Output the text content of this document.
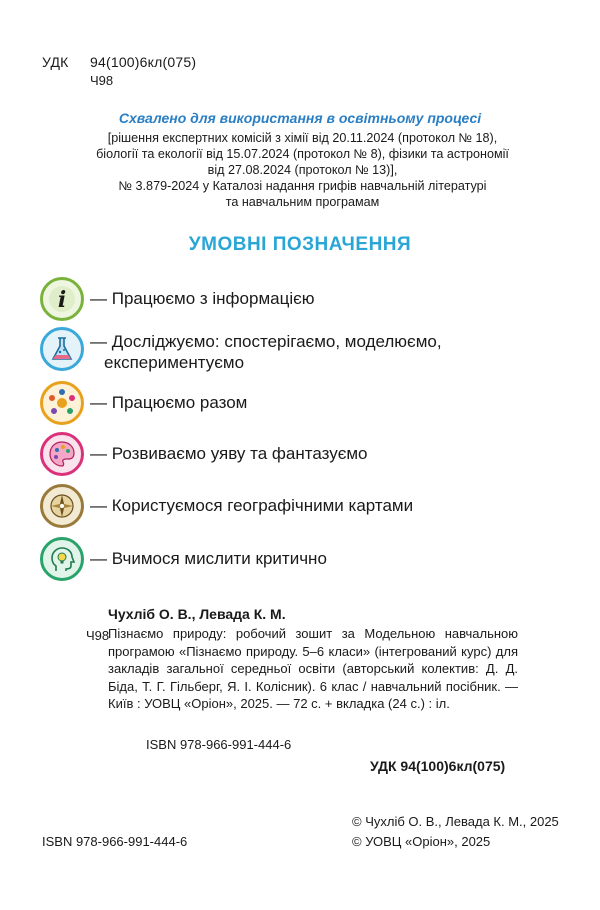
УДК 94(100)6кл(075)
Ч98
Схвалено для використання в освітньому процесі
[рішення експертних комісій з хімії від 20.11.2024 (протокол № 18),
біології та екології від 15.07.2024 (протокол № 8), фізики та астрономії
від 27.08.2024 (протокол № 13)],
№ 3.879-2024 у Каталозі надання грифів навчальній літературі
та навчальним програмам
УМОВНІ ПОЗНАЧЕННЯ
i — Працюємо з інформацією
— Досліджуємо: спостерігаємо, моделюємо,
експериментуємо
— Працюємо разом
— Розвиваємо уяву та фантазуємо
— Користуємося географічними картами
— Вчимося мислити критично
Чухліб О. В., Левада К. М.
Ч98
Пізнаємо природу: робочий зошит за Модельною навчальною програмою «Пізнаємо природу. 5–6 класи» (інтегрований курс) для закладів загальної середньої освіти (авторський колектив: Д. Д. Біда, Т. Г. Гільберг, Я. І. Колісник). 6 клас / навчальний посібник. — Київ : УОВЦ «Оріон», 2025. — 72 с. + вкладка (24 с.) : іл.
ISBN 978-966-991-444-6
УДК 94(100)6кл(075)
© Чухліб О. В., Левада К. М., 2025
ISBN 978-966-991-444-6	© УОВЦ «Оріон», 2025
